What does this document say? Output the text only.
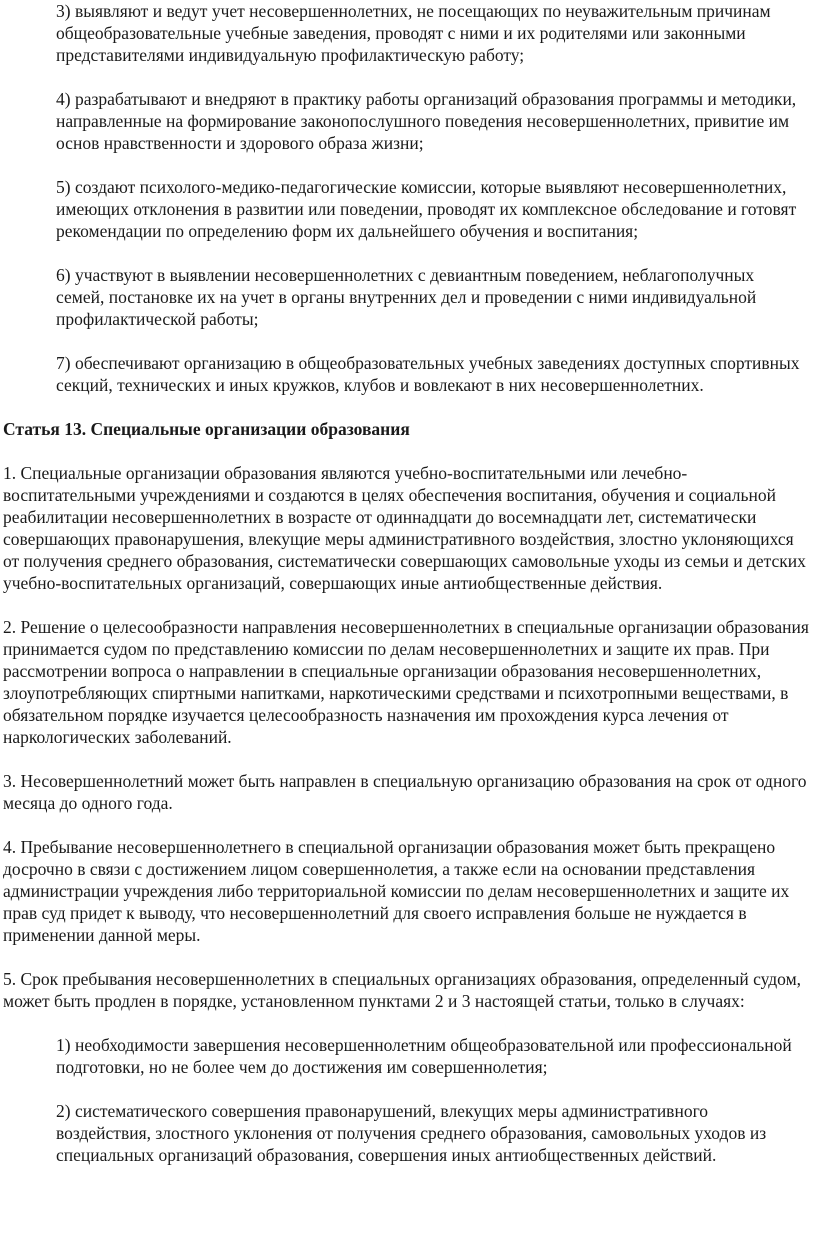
3) выявляют и ведут учет несовершеннолетних, не посещающих по неуважительным причинам общеобразовательные учебные заведения, проводят с ними и их родителями или законными представителями индивидуальную профилактическую работу;

4) разрабатывают и внедряют в практику работы организаций образования программы и методики, направленные на формирование законопослушного поведения несовершеннолетних, привитие им основ нравственности и здорового образа жизни;

5) создают психолого-медико-педагогические комиссии, которые выявляют несовершеннолетних, имеющих отклонения в развитии или поведении, проводят их комплексное обследование и готовят рекомендации по определению форм их дальнейшего обучения и воспитания;

6) участвуют в выявлении несовершеннолетних с девиантным поведением, неблагополучных семей, постановке их на учет в органы внутренних дел и проведении с ними индивидуальной профилактической работы;

7) обеспечивают организацию в общеобразовательных учебных заведениях доступных спортивных секций, технических и иных кружков, клубов и вовлекают в них несовершеннолетних.

Статья 13. Специальные организации образования

1. Специальные организации образования являются учебно-воспитательными или лечебно-воспитательными учреждениями и создаются в целях обеспечения воспитания, обучения и социальной реабилитации несовершеннолетних в возрасте от одиннадцати до восемнадцати лет, систематически совершающих правонарушения, влекущие меры административного воздействия, злостно уклоняющихся от получения среднего образования, систематически совершающих самовольные уходы из семьи и детских учебно-воспитательных организаций, совершающих иные антиобщественные действия.

2. Решение о целесообразности направления несовершеннолетних в специальные организации образования принимается судом по представлению комиссии по делам несовершеннолетних и защите их прав. При рассмотрении вопроса о направлении в специальные организации образования несовершеннолетних, злоупотребляющих спиртными напитками, наркотическими средствами и психотропными веществами, в обязательном порядке изучается целесообразность назначения им прохождения курса лечения от наркологических заболеваний.

3. Несовершеннолетний может быть направлен в специальную организацию образования на срок от одного месяца до одного года.

4. Пребывание несовершеннолетнего в специальной организации образования может быть прекращено досрочно в связи с достижением лицом совершеннолетия, а также если на основании представления администрации учреждения либо территориальной комиссии по делам несовершеннолетних и защите их прав суд придет к выводу, что несовершеннолетний для своего исправления больше не нуждается в применении данной меры.

5. Срок пребывания несовершеннолетних в специальных организациях образования, определенный судом, может быть продлен в порядке, установленном пунктами 2 и 3 настоящей статьи, только в случаях:

1) необходимости завершения несовершеннолетним общеобразовательной или профессиональной подготовки, но не более чем до достижения им совершеннолетия;

2) систематического совершения правонарушений, влекущих меры административного воздействия, злостного уклонения от получения среднего образования, самовольных уходов из специальных организаций образования, совершения иных антиобщественных действий.
